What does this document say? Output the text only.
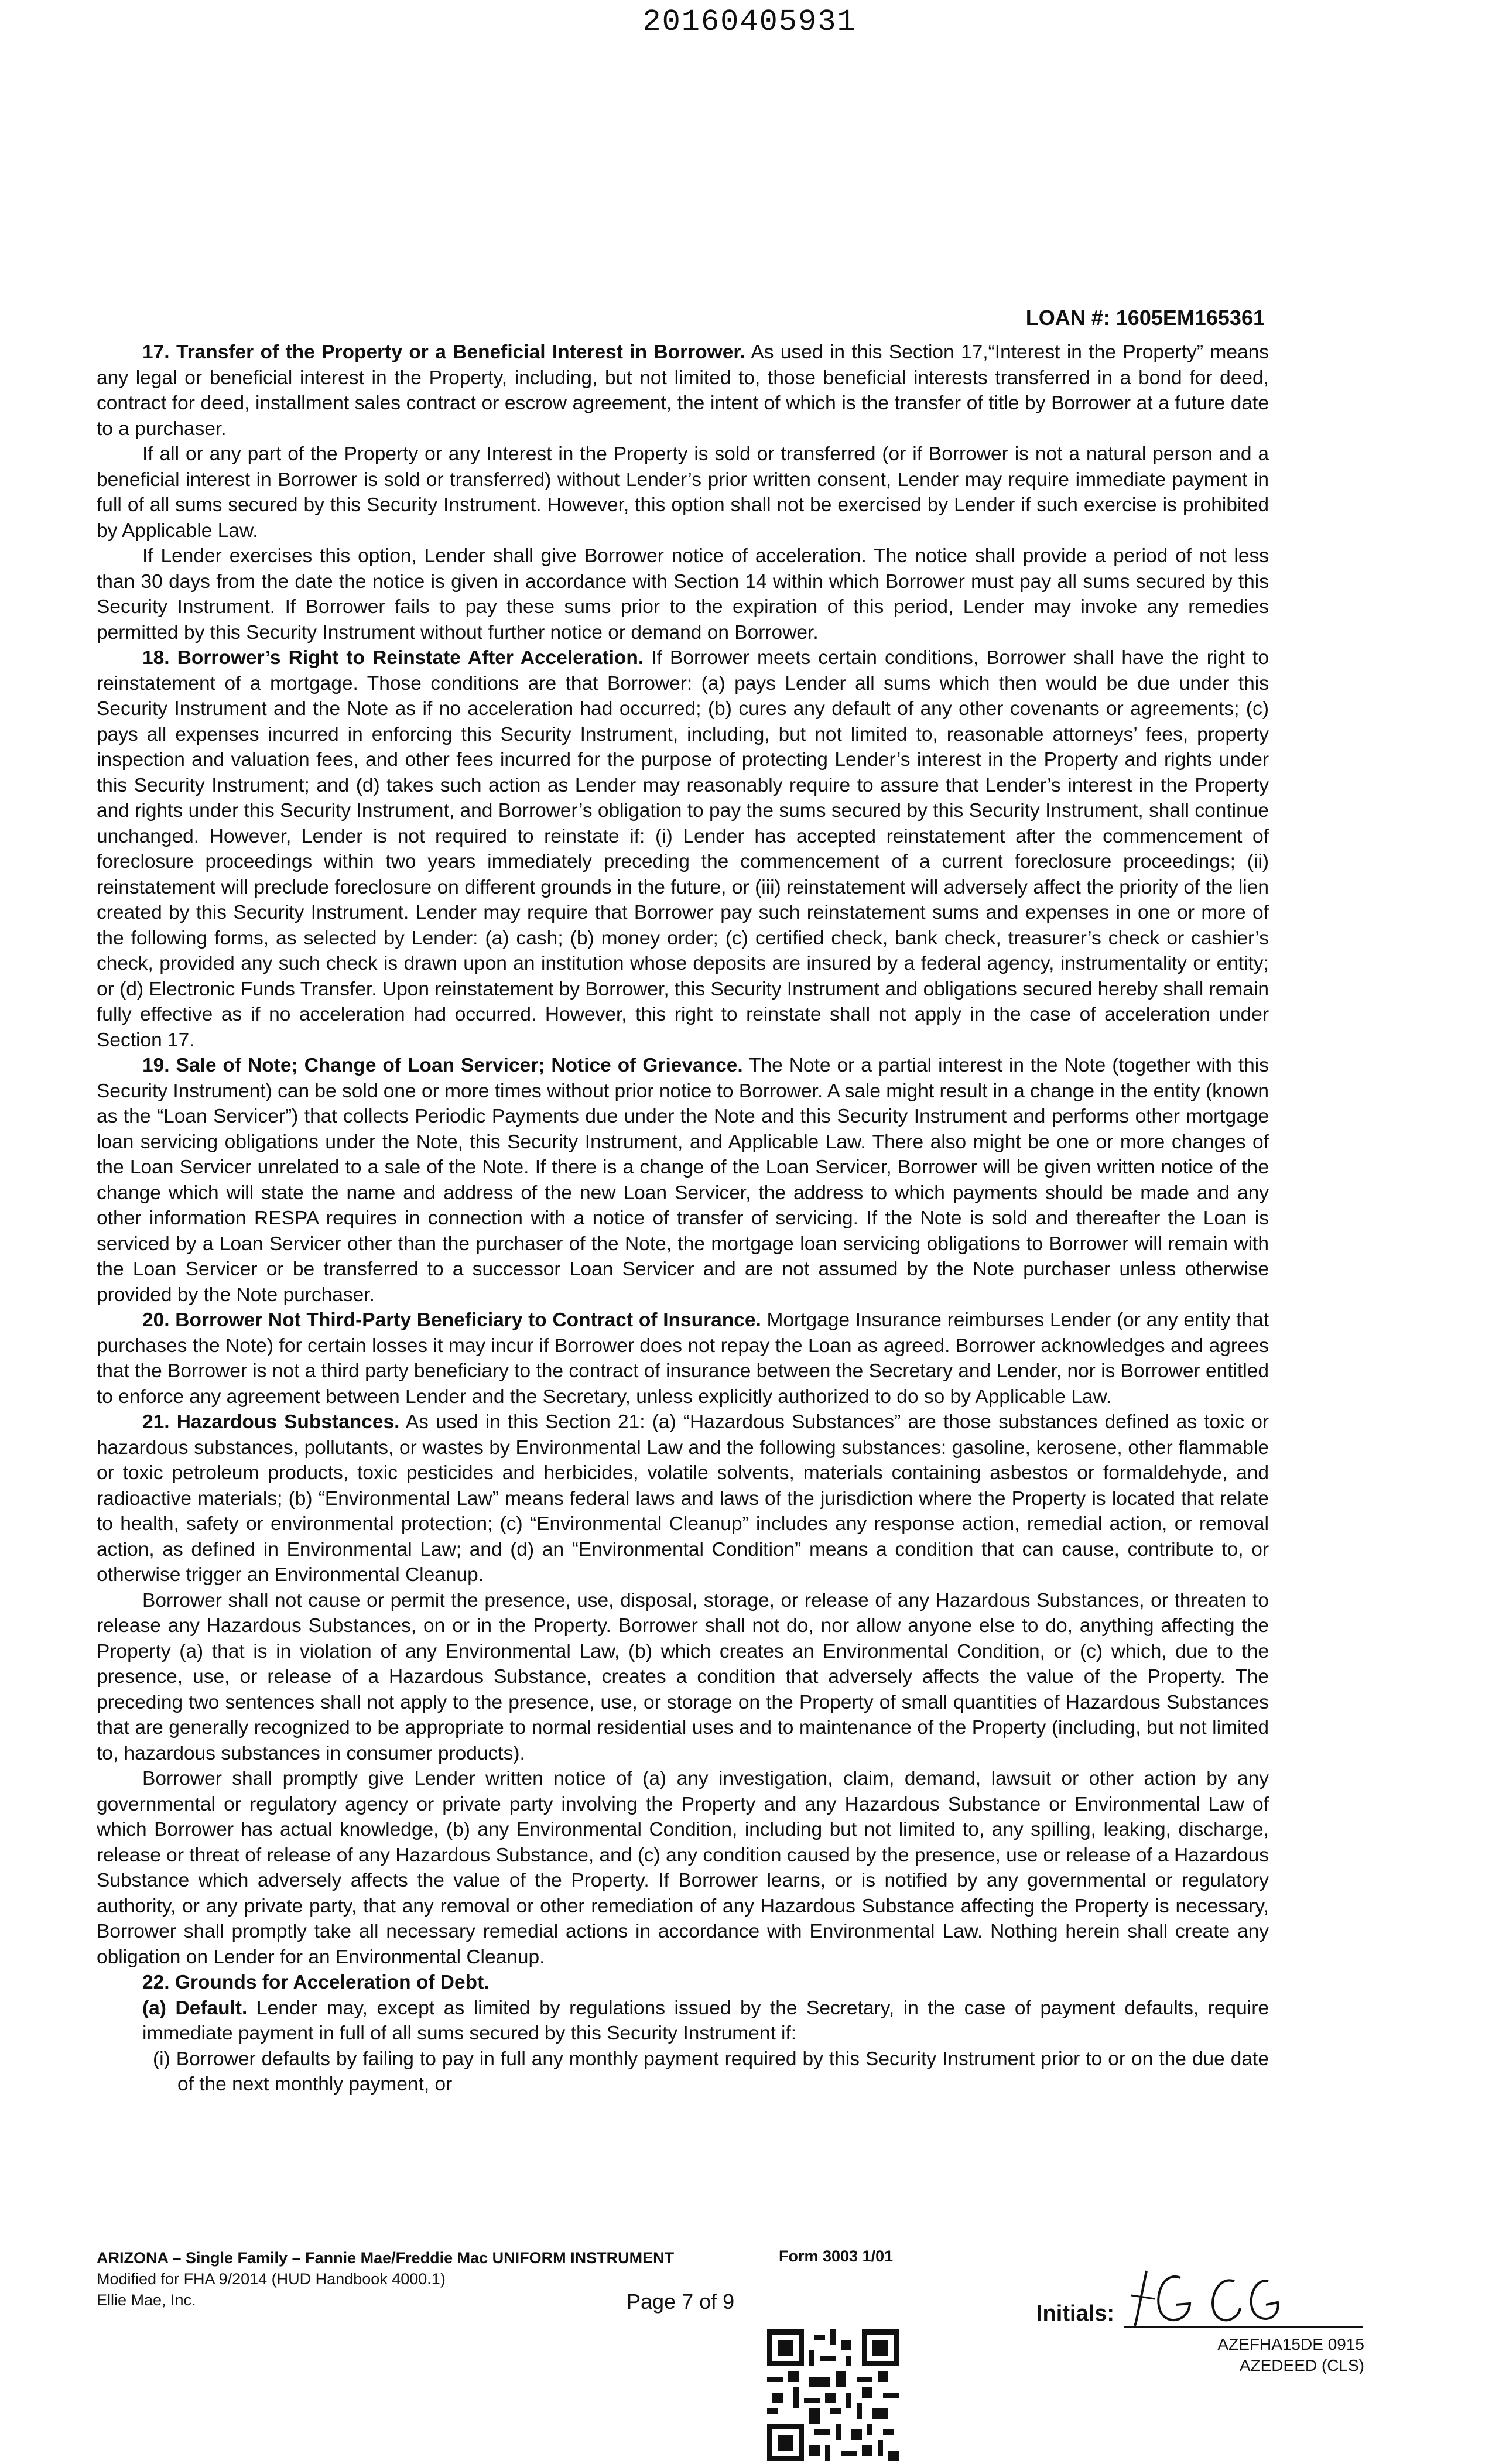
20160405931
LOAN #: 1605EM165361

17. Transfer of the Property or a Beneficial Interest in Borrower. As used in this Section 17,“Interest in the Property” means any legal or beneficial interest in the Property, including, but not limited to, those beneficial interests transferred in a bond for deed, contract for deed, installment sales contract or escrow agreement, the intent of which is the transfer of title by Borrower at a future date to a purchaser.

If all or any part of the Property or any Interest in the Property is sold or transferred (or if Borrower is not a natural person and a beneficial interest in Borrower is sold or transferred) without Lender’s prior written consent, Lender may require immediate payment in full of all sums secured by this Security Instrument. However, this option shall not be exercised by Lender if such exercise is prohibited by Applicable Law.

If Lender exercises this option, Lender shall give Borrower notice of acceleration. The notice shall provide a period of not less than 30 days from the date the notice is given in accordance with Section 14 within which Borrower must pay all sums secured by this Security Instrument. If Borrower fails to pay these sums prior to the expiration of this period, Lender may invoke any remedies permitted by this Security Instrument without further notice or demand on Borrower.

18. Borrower’s Right to Reinstate After Acceleration. If Borrower meets certain conditions, Borrower shall have the right to reinstatement of a mortgage. Those conditions are that Borrower: (a) pays Lender all sums which then would be due under this Security Instrument and the Note as if no acceleration had occurred; (b) cures any default of any other covenants or agreements; (c) pays all expenses incurred in enforcing this Security Instrument, including, but not limited to, reasonable attorneys’ fees, property inspection and valuation fees, and other fees incurred for the purpose of protecting Lender’s interest in the Property and rights under this Security Instrument; and (d) takes such action as Lender may reasonably require to assure that Lender’s interest in the Property and rights under this Security Instrument, and Borrower’s obligation to pay the sums secured by this Security Instrument, shall continue unchanged. However, Lender is not required to reinstate if: (i) Lender has accepted reinstatement after the commencement of foreclosure proceedings within two years immediately preceding the commencement of a current foreclosure proceedings; (ii) reinstatement will preclude foreclosure on different grounds in the future, or (iii) reinstatement will adversely affect the priority of the lien created by this Security Instrument. Lender may require that Borrower pay such reinstatement sums and expenses in one or more of the following forms, as selected by Lender: (a) cash; (b) money order; (c) certified check, bank check, treasurer’s check or cashier’s check, provided any such check is drawn upon an institution whose deposits are insured by a federal agency, instrumentality or entity; or (d) Electronic Funds Transfer. Upon reinstatement by Borrower, this Security Instrument and obligations secured hereby shall remain fully effective as if no acceleration had occurred. However, this right to reinstate shall not apply in the case of acceleration under Section 17.

19. Sale of Note; Change of Loan Servicer; Notice of Grievance. The Note or a partial interest in the Note (together with this Security Instrument) can be sold one or more times without prior notice to Borrower. A sale might result in a change in the entity (known as the “Loan Servicer”) that collects Periodic Payments due under the Note and this Security Instrument and performs other mortgage loan servicing obligations under the Note, this Security Instrument, and Applicable Law. There also might be one or more changes of the Loan Servicer unrelated to a sale of the Note. If there is a change of the Loan Servicer, Borrower will be given written notice of the change which will state the name and address of the new Loan Servicer, the address to which payments should be made and any other information RESPA requires in connection with a notice of transfer of servicing. If the Note is sold and thereafter the Loan is serviced by a Loan Servicer other than the purchaser of the Note, the mortgage loan servicing obligations to Borrower will remain with the Loan Servicer or be transferred to a successor Loan Servicer and are not assumed by the Note purchaser unless otherwise provided by the Note purchaser.

20. Borrower Not Third-Party Beneficiary to Contract of Insurance. Mortgage Insurance reimburses Lender (or any entity that purchases the Note) for certain losses it may incur if Borrower does not repay the Loan as agreed. Borrower acknowledges and agrees that the Borrower is not a third party beneficiary to the contract of insurance between the Secretary and Lender, nor is Borrower entitled to enforce any agreement between Lender and the Secretary, unless explicitly authorized to do so by Applicable Law.

21. Hazardous Substances. As used in this Section 21: (a) “Hazardous Substances” are those substances defined as toxic or hazardous substances, pollutants, or wastes by Environmental Law and the following substances: gasoline, kerosene, other flammable or toxic petroleum products, toxic pesticides and herbicides, volatile solvents, materials containing asbestos or formaldehyde, and radioactive materials; (b) “Environmental Law” means federal laws and laws of the jurisdiction where the Property is located that relate to health, safety or environmental protection; (c) “Environmental Cleanup” includes any response action, remedial action, or removal action, as defined in Environmental Law; and (d) an “Environmental Condition” means a condition that can cause, contribute to, or otherwise trigger an Environmental Cleanup.

Borrower shall not cause or permit the presence, use, disposal, storage, or release of any Hazardous Substances, or threaten to release any Hazardous Substances, on or in the Property. Borrower shall not do, nor allow anyone else to do, anything affecting the Property (a) that is in violation of any Environmental Law, (b) which creates an Environmental Condition, or (c) which, due to the presence, use, or release of a Hazardous Substance, creates a condition that adversely affects the value of the Property. The preceding two sentences shall not apply to the presence, use, or storage on the Property of small quantities of Hazardous Substances that are generally recognized to be appropriate to normal residential uses and to maintenance of the Property (including, but not limited to, hazardous substances in consumer products).

Borrower shall promptly give Lender written notice of (a) any investigation, claim, demand, lawsuit or other action by any governmental or regulatory agency or private party involving the Property and any Hazardous Substance or Environmental Law of which Borrower has actual knowledge, (b) any Environmental Condition, including but not limited to, any spilling, leaking, discharge, release or threat of release of any Hazardous Substance, and (c) any condition caused by the presence, use or release of a Hazardous Substance which adversely affects the value of the Property. If Borrower learns, or is notified by any governmental or regulatory authority, or any private party, that any removal or other remediation of any Hazardous Substance affecting the Property is necessary, Borrower shall promptly take all necessary remedial actions in accordance with Environmental Law. Nothing herein shall create any obligation on Lender for an Environmental Cleanup.

22. Grounds for Acceleration of Debt.

(a) Default. Lender may, except as limited by regulations issued by the Secretary, in the case of payment defaults, require immediate payment in full of all sums secured by this Security Instrument if:

(i) Borrower defaults by failing to pay in full any monthly payment required by this Security Instrument prior to or on the due date of the next monthly payment, or

ARIZONA – Single Family – Fannie Mae/Freddie Mac UNIFORM INSTRUMENT
Modified for FHA 9/2014 (HUD Handbook 4000.1)
Ellie Mae, Inc.
Form 3003 1/01
Page 7 of 9	Initials:
AZEFHA15DE 0915
AZEDEED (CLS)
